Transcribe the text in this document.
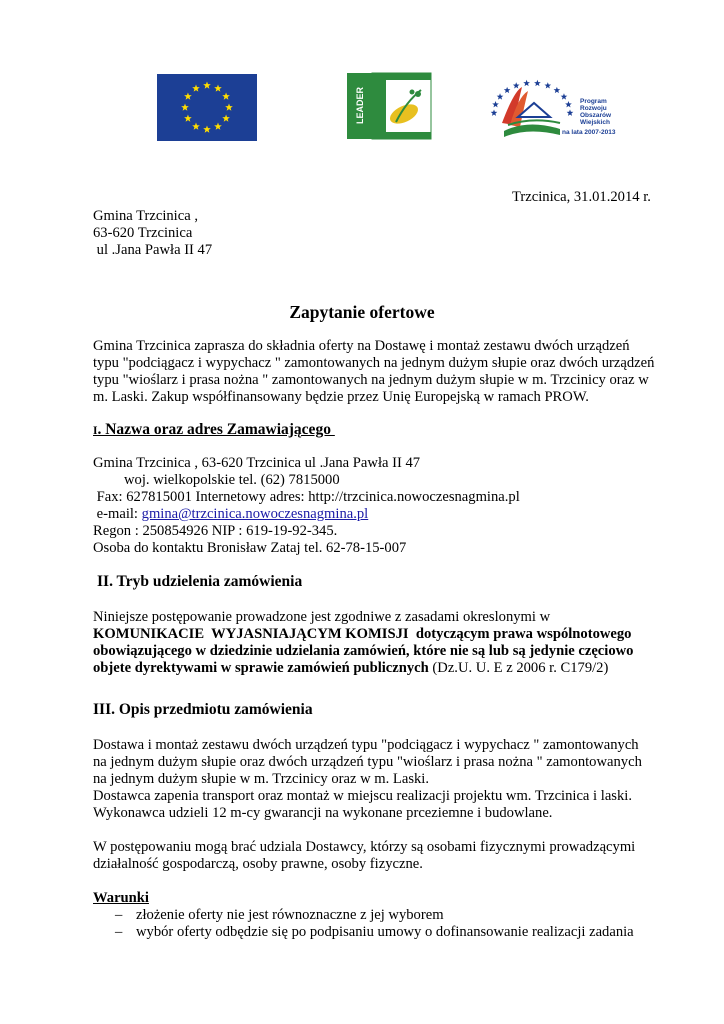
LEADER	Program
Rozwoju
Obszarów
Wiejskich
na lata 2007-2013
Trzcinica, 31.01.2014 r.
Gmina Trzcinica ,
63-620 Trzcinica
ul .Jana Pawła II 47
Zapytanie ofertowe
Gmina Trzcinica zaprasza do składnia oferty na Dostawę i montaż zestawu dwóch urządzeń
typu "podciągacz i wypychacz " zamontowanych na jednym dużym słupie oraz dwóch urządzeń
typu "wioślarz i prasa nożna " zamontowanych na jednym dużym słupie w m. Trzcinicy oraz w
m. Laski. Zakup współfinansowany będzie przez Unię Europejską w ramach PROW.
I. Nazwa oraz adres Zamawiającego
Gmina Trzcinica , 63-620 Trzcinica ul .Jana Pawła II 47
woj. wielkopolskie tel. (62) 7815000
Fax: 627815001 Internetowy adres: http://trzcinica.nowoczesnagmina.pl
e-mail: gmina@trzcinica.nowoczesnagmina.pl
Regon : 250854926 NIP : 619-19-92-345.
Osoba do kontaktu Bronisław Zataj tel. 62-78-15-007
II. Tryb udzielenia zamówienia
Niniejsze postępowanie prowadzone jest zgodniwe z zasadami okreslonymi w
KOMUNIKACIE  WYJASNIAJĄCYM KOMISJI  dotyczącym prawa wspólnotowego
obowiązującego w dziedzinie udzielania zamówień, które nie są lub są jedynie częciowo
objete dyrektywami w sprawie zamówień publicznych (Dz.U. U. E z 2006 r. C179/2)
III. Opis przedmiotu zamówienia
Dostawa i montaż zestawu dwóch urządzeń typu "podciągacz i wypychacz " zamontowanych
na jednym dużym słupie oraz dwóch urządzeń typu "wioślarz i prasa nożna " zamontowanych
na jednym dużym słupie w m. Trzcinicy oraz w m. Laski.
Dostawca zapenia transport oraz montaż w miejscu realizacji projektu wm. Trzcinica i laski.
Wykonawca udzieli 12 m-cy gwarancji na wykonane prceziemne i budowlane.
W postępowaniu mogą brać udziala Dostawcy, którzy są osobami fizycznymi prowadzącymi
działalność gospodarczą, osoby prawne, osoby fizyczne.
Warunki
– złożenie oferty nie jest równoznaczne z jej wyborem
– wybór oferty odbędzie się po podpisaniu umowy o dofinansowanie realizacji zadania
